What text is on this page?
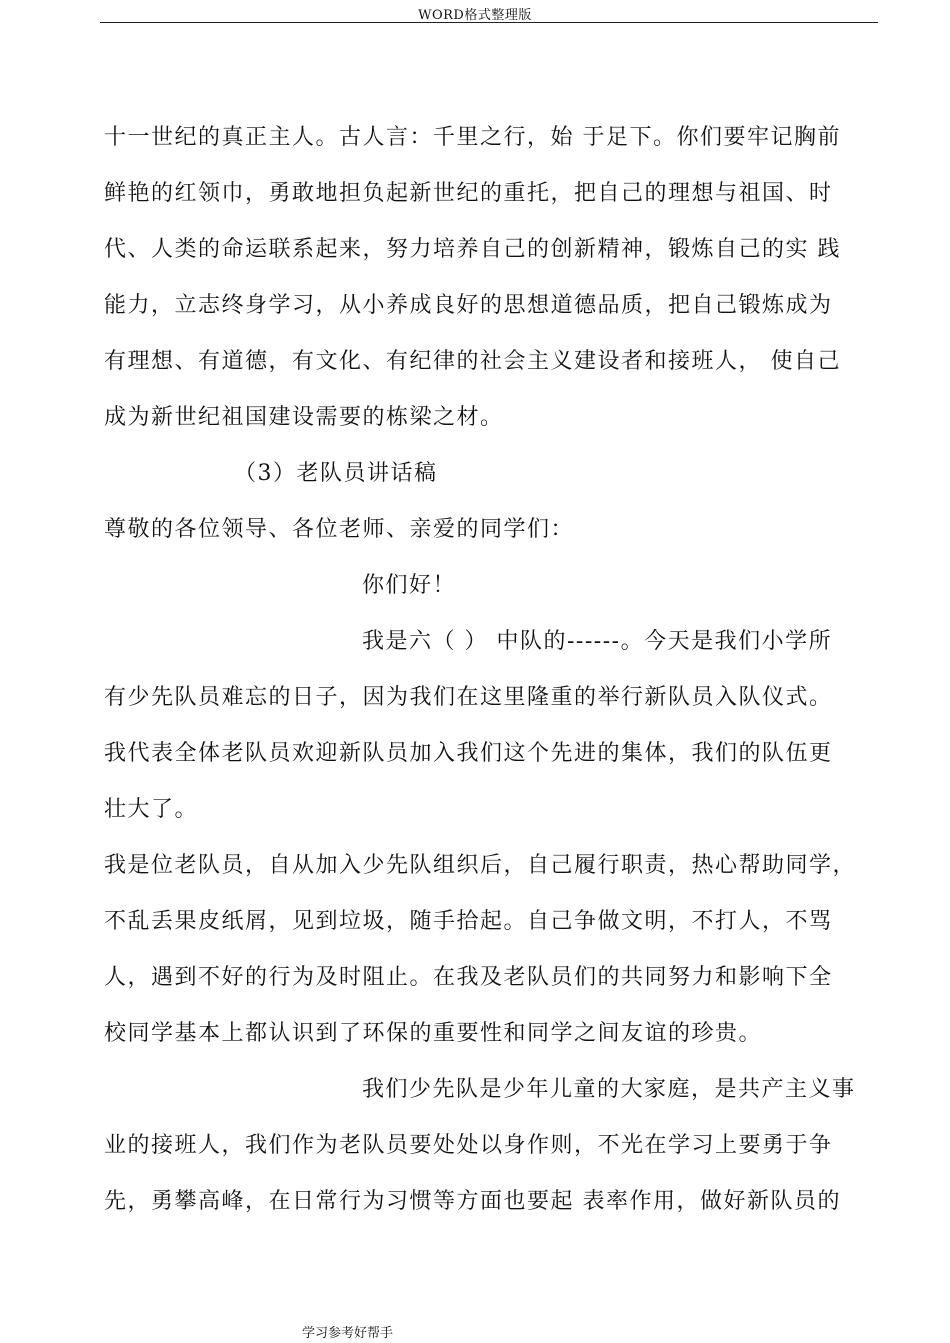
WORD格式整理版
十一世纪的真正主人。古人言：千里之行，始 于足下。你们要牢记胸前
鲜艳的红领巾，勇敢地担负起新世纪的重托，把自己的理想与祖国、时
代、人类的命运联系起来，努力培养自己的创新精神，锻炼自己的实 践
能力，立志终身学习，从小养成良好的思想道德品质，把自己锻炼成为
有理想、有道德，有文化、有纪律的社会主义建设者和接班人， 使自己
成为新世纪祖国建设需要的栋梁之材。
（3）老队员讲话稿
尊敬的各位领导、各位老师、亲爱的同学们：
你们好！
我是六（ ） 中队的------。今天是我们小学所
有少先队员难忘的日子，因为我们在这里隆重的举行新队员入队仪式。
我代表全体老队员欢迎新队员加入我们这个先进的集体，我们的队伍更
壮大了。
我是位老队员，自从加入少先队组织后，自己履行职责，热心帮助同学，
不乱丢果皮纸屑，见到垃圾，随手拾起。自己争做文明，不打人，不骂
人，遇到不好的行为及时阻止。在我及老队员们的共同努力和影响下全
校同学基本上都认识到了环保的重要性和同学之间友谊的珍贵。
我们少先队是少年儿童的大家庭，是共产主义事
业的接班人，我们作为老队员要处处以身作则，不光在学习上要勇于争
先，勇攀高峰，在日常行为习惯等方面也要起 表率作用，做好新队员的
学习参考好帮手
